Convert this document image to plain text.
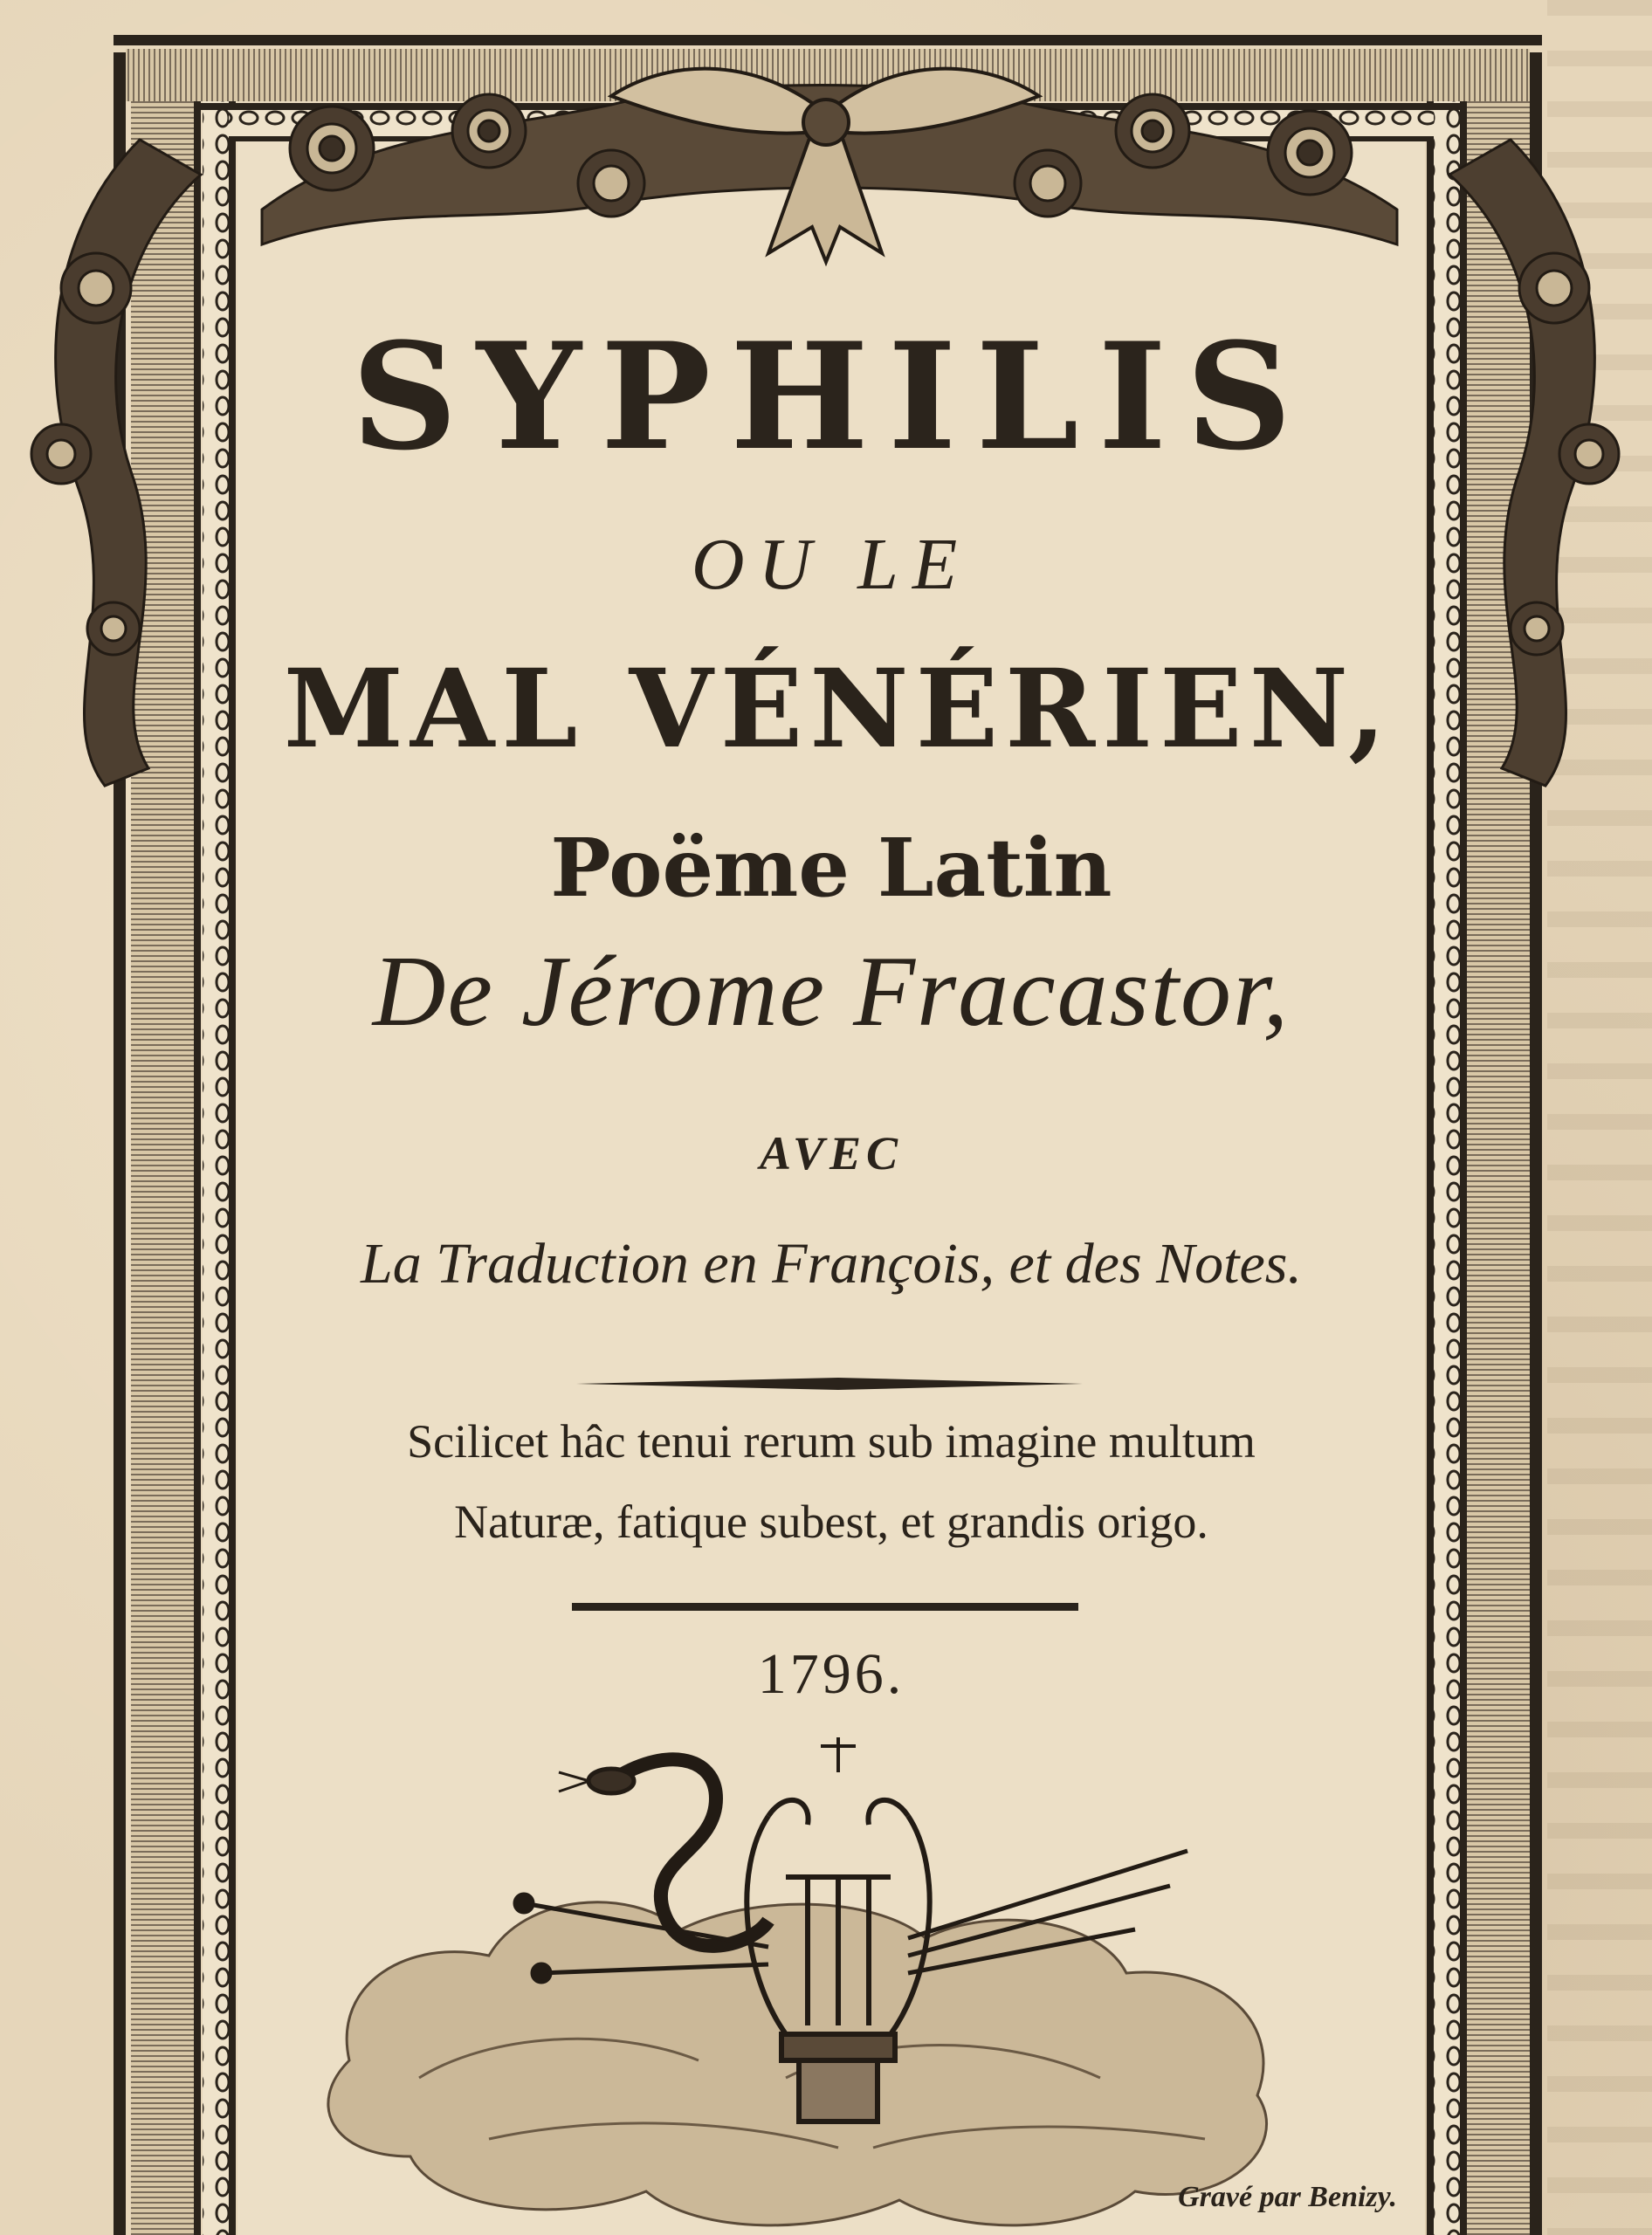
SYPHILIS
OU LE
MAL VÉNÉRIEN,
Poëme Latin
De Jérome Fracastor,
AVEC
La Traduction en François, et des Notes.
Scilicet hâc tenui rerum sub imagine multum
Naturæ, fatique subest, et grandis origo.
1796.
Gravé par Benizy.
